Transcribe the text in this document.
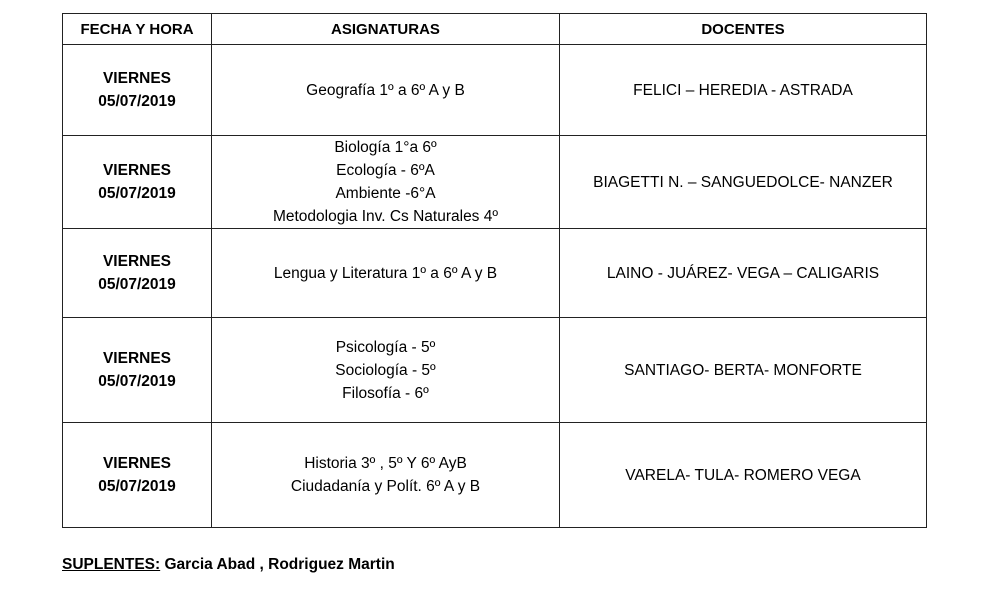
FECHA Y HORA	ASIGNATURAS	DOCENTES

VIERNES
05/07/2019	Geografía 1º a 6º A y B	FELICI – HEREDIA - ASTRADA

VIERNES
05/07/2019	Biología 1°a 6º
Ecología - 6ºA
Ambiente -6°A
Metodologia Inv. Cs Naturales 4º	BIAGETTI N. – SANGUEDOLCE- NANZER

VIERNES
05/07/2019	Lengua y Literatura 1º a 6º A y B	LAINO - JUÁREZ- VEGA – CALIGARIS

VIERNES
05/07/2019	Psicología - 5º
Sociología - 5º
Filosofía - 6º	SANTIAGO- BERTA- MONFORTE

VIERNES
05/07/2019	Historia 3º , 5º Y 6º AyB
Ciudadanía y Polít. 6º A y B	VARELA- TULA- ROMERO VEGA
SUPLENTES: Garcia Abad , Rodriguez Martin
